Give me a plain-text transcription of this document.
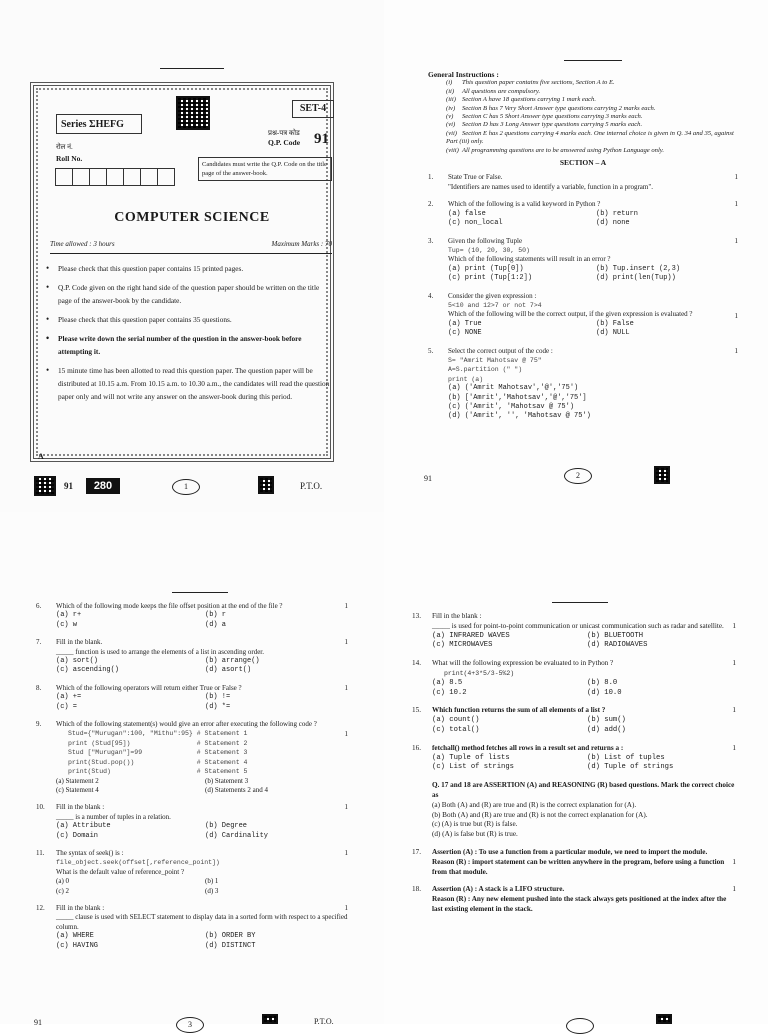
Series ΣHEFG
SET-4
प्रश्न-पत्र कोड
Q.P. Code 91
रोल नं.
Roll No.
Candidates must write the Q.P. Code on the title page of the answer-book.
COMPUTER SCIENCE
Time allowed : 3 hours	Maximum Marks : 70
• Please check that this question paper contains 15 printed pages.
• Q.P. Code given on the right hand side of the question paper should be written on the title page of the answer-book by the candidate.
• Please check that this question paper contains 35 questions.
• Please write down the serial number of the question in the answer-book before attempting it.
• 15 minute time has been allotted to read this question paper. The question paper will be distributed at 10.15 a.m. From 10.15 a.m. to 10.30 a.m., the candidates will read the question paper only and will not write any answer on the answer-book during this period.
A
91	280	1	P.T.O.
General Instructions :
(i) This question paper contains five sections, Section A to E.
(ii) All questions are compulsory.
(iii) Section A have 18 questions carrying 1 mark each.
(iv) Section B has 7 Very Short Answer type questions carrying 2 marks each.
(v) Section C has 5 Short Answer type questions carrying 3 marks each.
(vi) Section D has 3 Long Answer type questions carrying 5 marks each.
(vii) Section E has 2 questions carrying 4 marks each. One internal choice is given in Q. 34 and 35, against Part (iii) only.
(viii) All programming questions are to be answered using Python Language only.
SECTION – A
1. State True or False.
"Identifiers are names used to identify a variable, function in a program".
1
2. Which of the following is a valid keyword in Python ?	1
(a) false	(b) return
(c) non_local	(d) none
3. Given the following Tuple
Tup= (10, 20, 30, 50)
Which of the following statements will result in an error ?
1
(a) print (Tup[0])	(b) Tup.insert (2,3)
(c) print (Tup[1:2])	(d) print(len(Tup))
4. Consider the given expression :
5<10 and 12>7 or not 7>4
Which of the following will be the correct output, if the given expression is evaluated ?	1
(a) True	(b) False
(c) NONE	(d) NULL
5. Select the correct output of the code :
S= "Amrit Mahotsav @ 75"
A=S.partition (" ")
print (a)
1
(a) ('Amrit Mahotsav','@','75')
(b) ['Amrit','Mahotsav','@','75']
(c) ('Amrit', 'Mahotsav @ 75')
(d) ('Amrit', '', 'Mahotsav @ 75')
91	2
6. Which of the following mode keeps the file offset position at the end of the file ?	1
(a) r+	(b) r
(c) w	(d) a
7. Fill in the blank.
_____ function is used to arrange the elements of a list in ascending order.
1
(a) sort()	(b) arrange()
(c) ascending()	(d) asort()
8. Which of the following operators will return either True or False ?	1
(a) +=	(b) !=
(c) =	(d) *=
9. Which of the following statement(s) would give an error after executing the following code ?
1
Stud={"Murugan":100, "Mithu":95} # Statement 1
print (Stud[95])                 # Statement 2
Stud ["Murugan"]=99              # Statement 3
print(Stud.pop())                # Statement 4
print(Stud)                      # Statement 5
(a) Statement 2	(b) Statement 3
(c) Statement 4	(d) Statements 2 and 4
10. Fill in the blank :
_____ is a number of tuples in a relation.
1
(a) Attribute	(b) Degree
(c) Domain	(d) Cardinality
11. The syntax of seek() is :
file_object.seek(offset[,reference_point])
What is the default value of reference_point ?
1
(a) 0	(b) 1
(c) 2	(d) 3
12. Fill in the blank :
_____ clause is used with SELECT statement to display data in a sorted form with respect to a specified column.
1
(a) WHERE	(b) ORDER BY
(c) HAVING	(d) DISTINCT
91	3	P.T.O.
13. Fill in the blank :
_____ is used for point-to-point communication or unicast communication such as radar and satellite.	1
(a) INFRARED WAVES	(b) BLUETOOTH
(c) MICROWAVES	(d) RADIOWAVES
14. What will the following expression be evaluated to in Python ?
print(4+3*5/3-5%2)
1
(a) 8.5	(b) 8.0
(c) 10.2	(d) 10.0
15. Which function returns the sum of all elements of a list ?	1
(a) count()	(b) sum()
(c) total()	(d) add()
16. fetchall() method fetches all rows in a result set and returns a :	1
(a) Tuple of lists	(b) List of tuples
(c) List of strings	(d) Tuple of strings
Q. 17 and 18 are ASSERTION (A) and REASONING (R) based questions. Mark the correct choice as
(a) Both (A) and (R) are true and (R) is the correct explanation for (A).
(b) Both (A) and (R) are true and (R) is not the correct explanation for (A).
(c) (A) is true but (R) is false.
(d) (A) is false but (R) is true.
17. Assertion (A) : To use a function from a particular module, we need to import the module.
Reason (R) : import statement can be written anywhere in the program, before using a function from that module.
1
18. Assertion (A) : A stack is a LIFO structure.
Reason (R) : Any new element pushed into the stack always gets positioned at the index after the last existing element in the stack.
1
